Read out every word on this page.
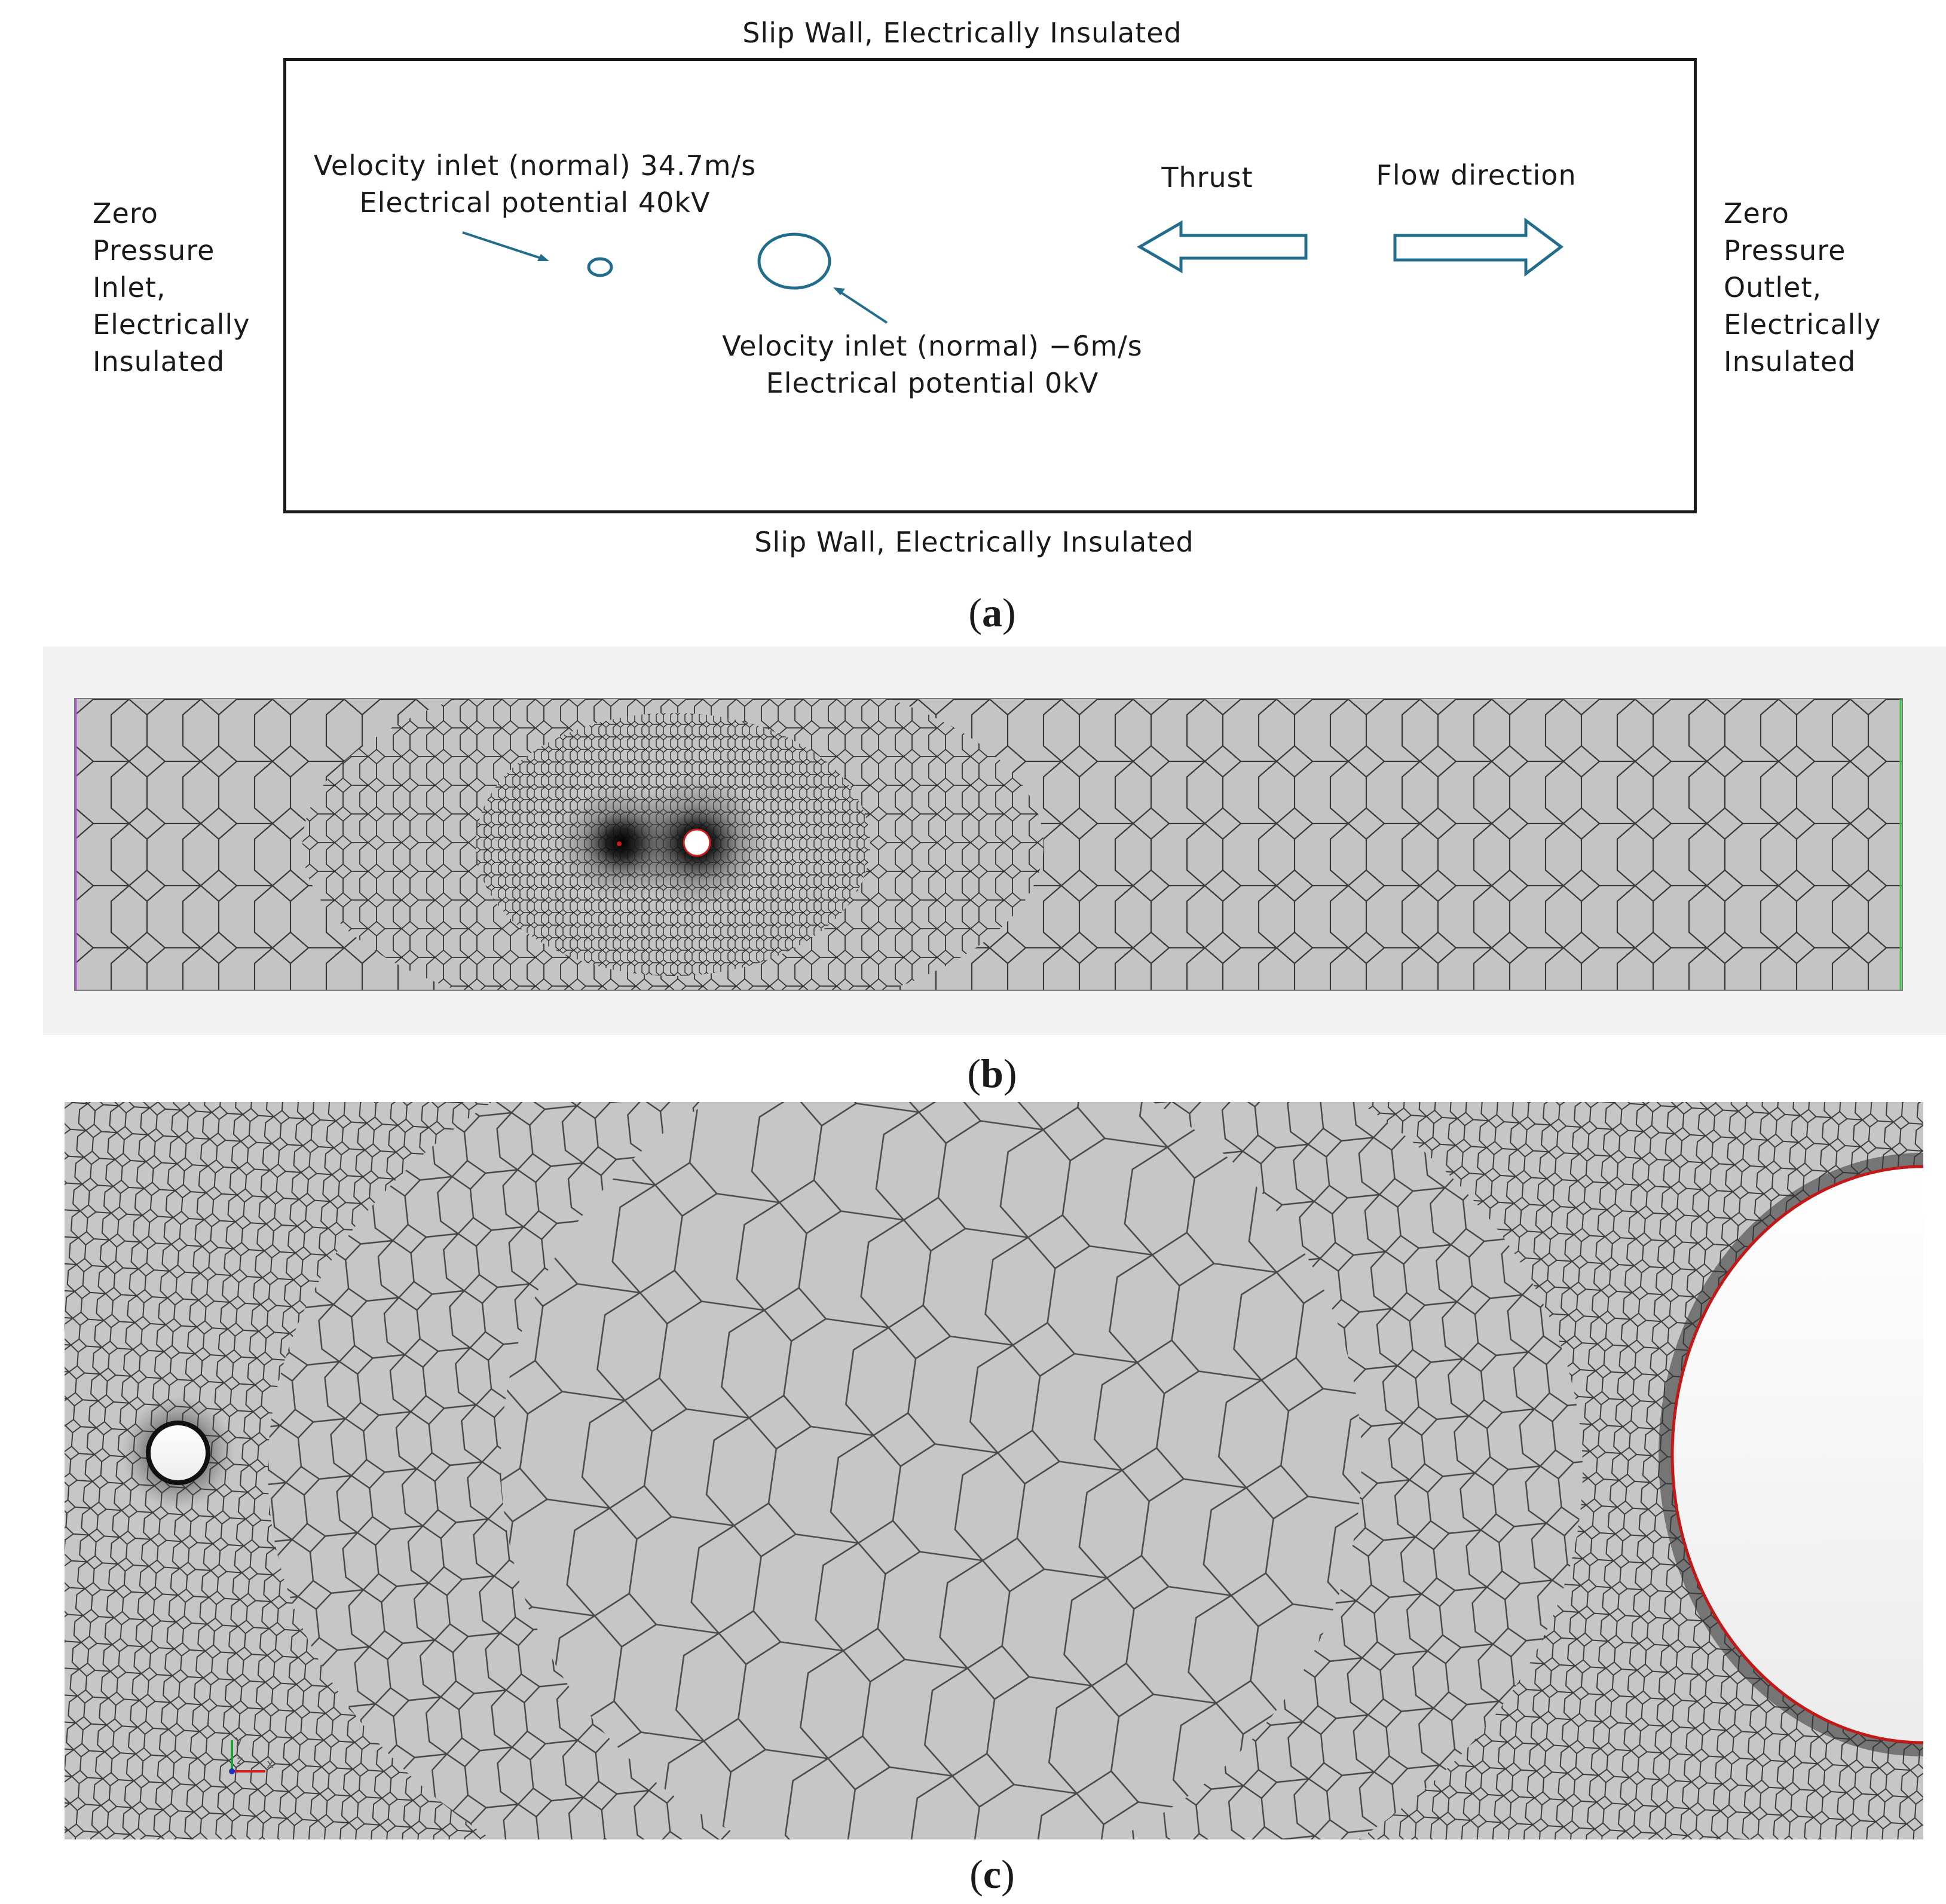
Slip Wall, Electrically Insulated
Zero
Pressure
Inlet,
Electrically
Insulated
Zero
Pressure
Outlet,
Electrically
Insulated
Velocity inlet (normal) 34.7m/s
Electrical potential 40kV
Velocity inlet (normal) −6m/s
Electrical potential 0kV
Thrust	Flow direction
Slip Wall, Electrically Insulated
(a)
(b)
y
z x
(c)
